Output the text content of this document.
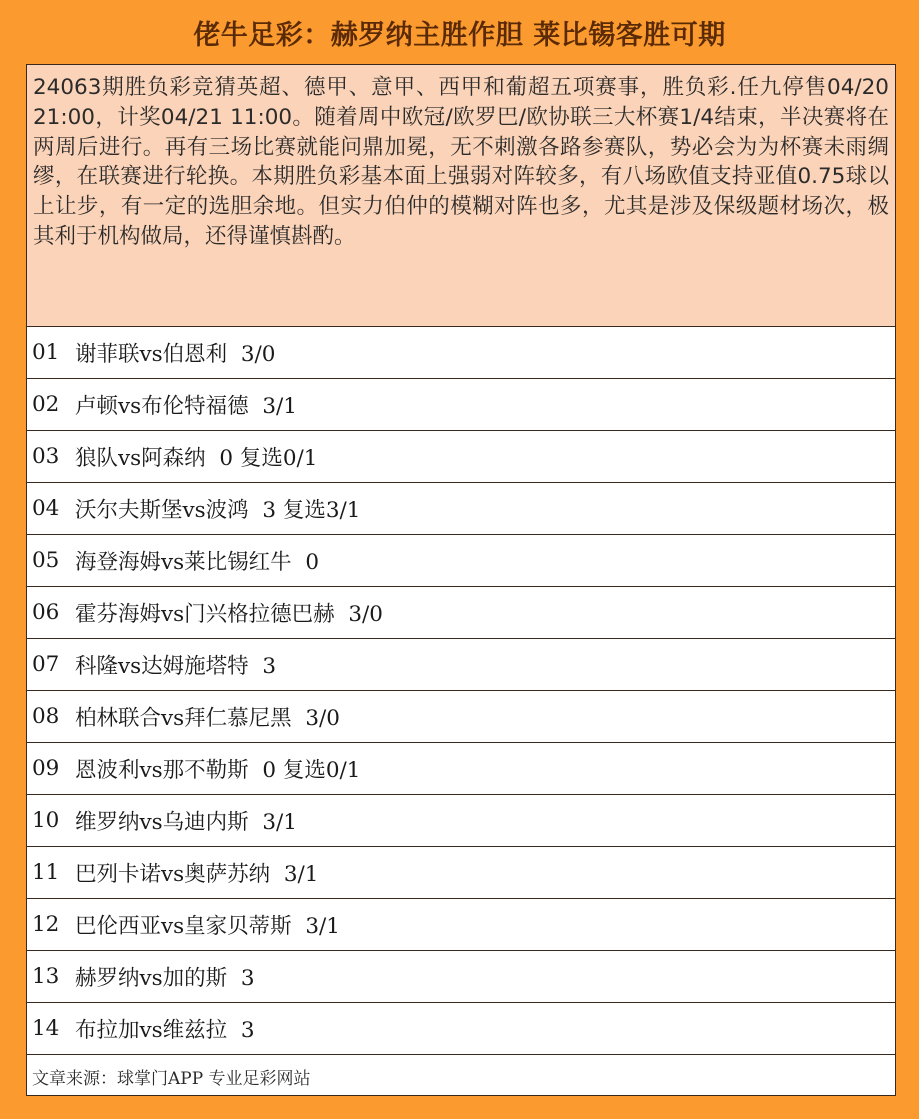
佬牛足彩：赫罗纳主胜作胆 莱比锡客胜可期
24063期胜负彩竞猜英超、德甲、意甲、西甲和葡超五项赛事，胜负彩.任九停售04/20 21:00，计奖04/21 11:00。随着周中欧冠/欧罗巴/欧协联三大杯赛1/4结束，半决赛将在两周后进行。再有三场比赛就能问鼎加冕，无不刺激各路参赛队，势必会为为杯赛未雨绸缪，在联赛进行轮换。本期胜负彩基本面上强弱对阵较多，有八场欧值支持亚值0.75球以上让步，有一定的选胆余地。但实力伯仲的模糊对阵也多，尤其是涉及保级题材场次，极其利于机构做局，还得谨慎斟酌。
01 谢菲联vs伯恩利  3/0
02 卢顿vs布伦特福德  3/1
03 狼队vs阿森纳  0 复选0/1
04 沃尔夫斯堡vs波鸿  3 复选3/1
05 海登海姆vs莱比锡红牛  0
06 霍芬海姆vs门兴格拉德巴赫  3/0
07 科隆vs达姆施塔特  3
08 柏林联合vs拜仁慕尼黑  3/0
09 恩波利vs那不勒斯  0 复选0/1
10 维罗纳vs乌迪内斯  3/1
11 巴列卡诺vs奥萨苏纳  3/1
12 巴伦西亚vs皇家贝蒂斯  3/1
13 赫罗纳vs加的斯  3
14 布拉加vs维兹拉  3
文章来源：球掌门APP 专业足彩网站
